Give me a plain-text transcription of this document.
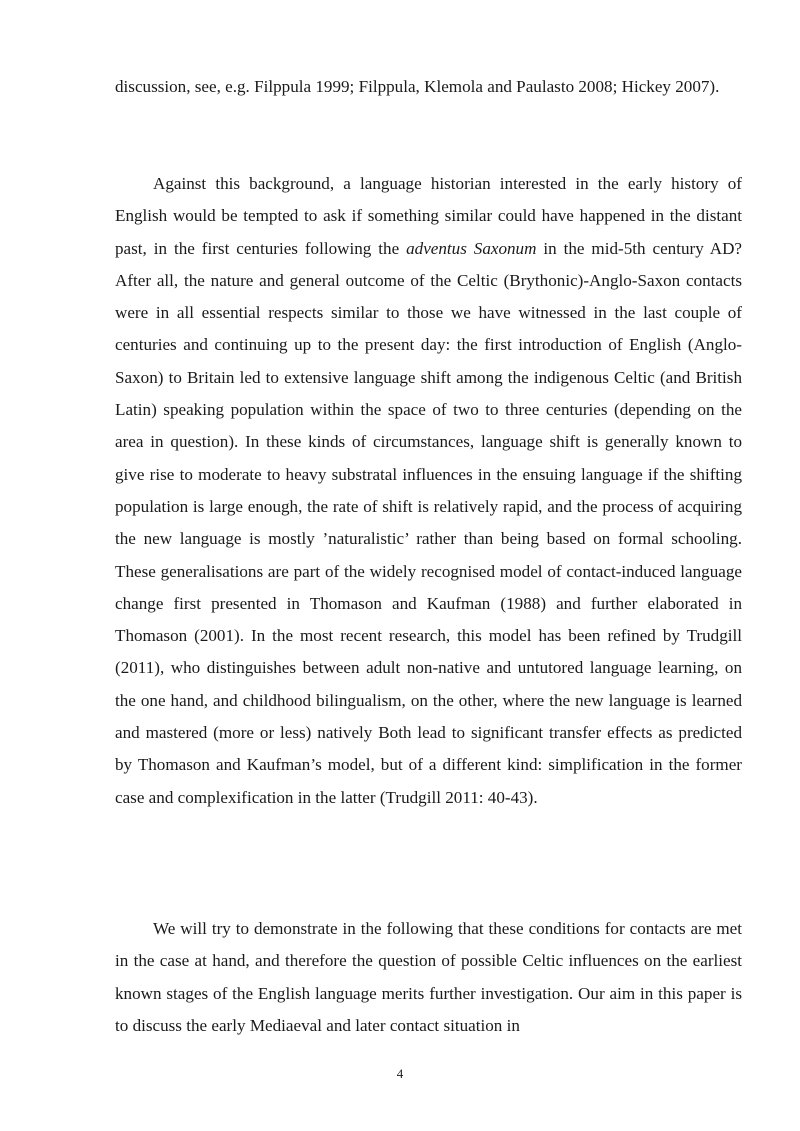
discussion, see, e.g. Filppula 1999; Filppula, Klemola and Paulasto 2008; Hickey 2007).

Against this background, a language historian interested in the early history of English would be tempted to ask if something similar could have happened in the distant past, in the first centuries following the adventus Saxonum in the mid-5th century AD? After all, the nature and general outcome of the Celtic (Brythonic)-Anglo-Saxon contacts were in all essential respects similar to those we have witnessed in the last couple of centuries and continuing up to the present day: the first introduction of English (Anglo-Saxon) to Britain led to extensive language shift among the indigenous Celtic (and British Latin) speaking population within the space of two to three centuries (depending on the area in question). In these kinds of circumstances, language shift is generally known to give rise to moderate to heavy substratal influences in the ensuing language if the shifting population is large enough, the rate of shift is relatively rapid, and the process of acquiring the new language is mostly ’naturalistic’ rather than being based on formal schooling. These generalisations are part of the widely recognised model of contact-induced language change first presented in Thomason and Kaufman (1988) and further elaborated in Thomason (2001). In the most recent research, this model has been refined by Trudgill (2011), who distinguishes between adult non-native and untutored language learning, on the one hand, and childhood bilingualism, on the other, where the new language is learned and mastered (more or less) natively Both lead to significant transfer effects as predicted by Thomason and Kaufman’s model, but of a different kind: simplification in the former case and complexification in the latter (Trudgill 2011: 40-43).

We will try to demonstrate in the following that these conditions for contacts are met in the case at hand, and therefore the question of possible Celtic influences on the earliest known stages of the English language merits further investigation. Our aim in this paper is to discuss the early Mediaeval and later contact situation in

4
